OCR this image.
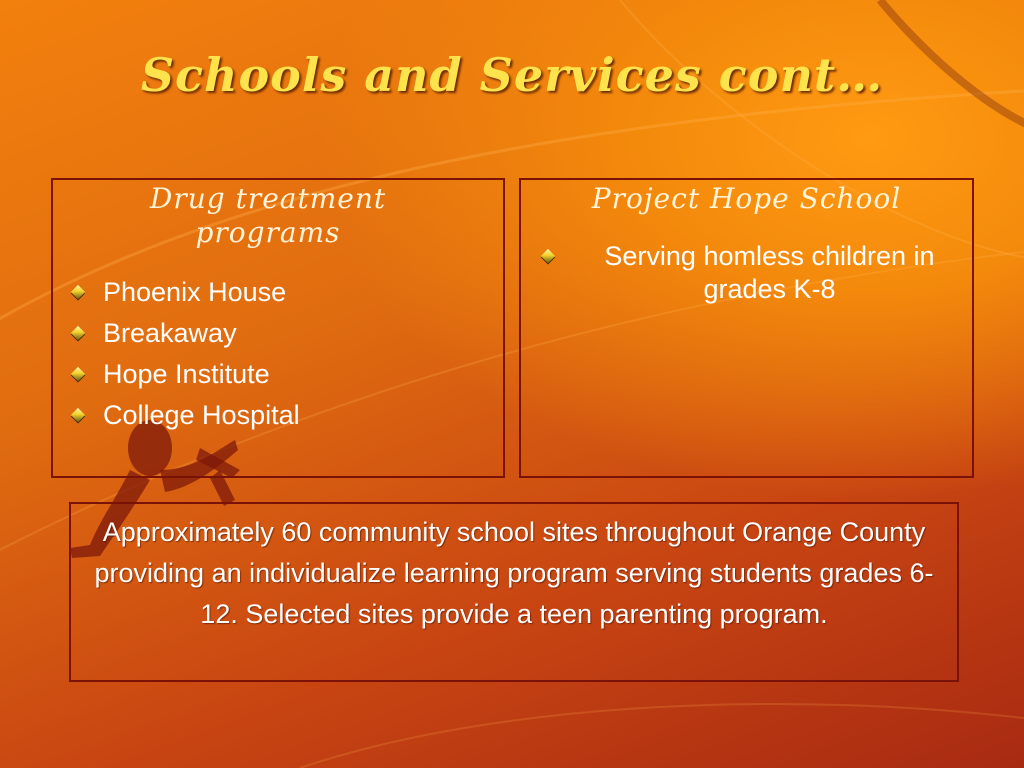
Schools and Services cont…

Drug treatment programs

Phoenix House
Breakaway
Hope Institute
College Hospital

Project Hope School

Serving homless children in grades K-8

Approximately 60 community school sites throughout Orange County providing an individualize learning program serving students grades 6-12. Selected sites provide a teen parenting program.
